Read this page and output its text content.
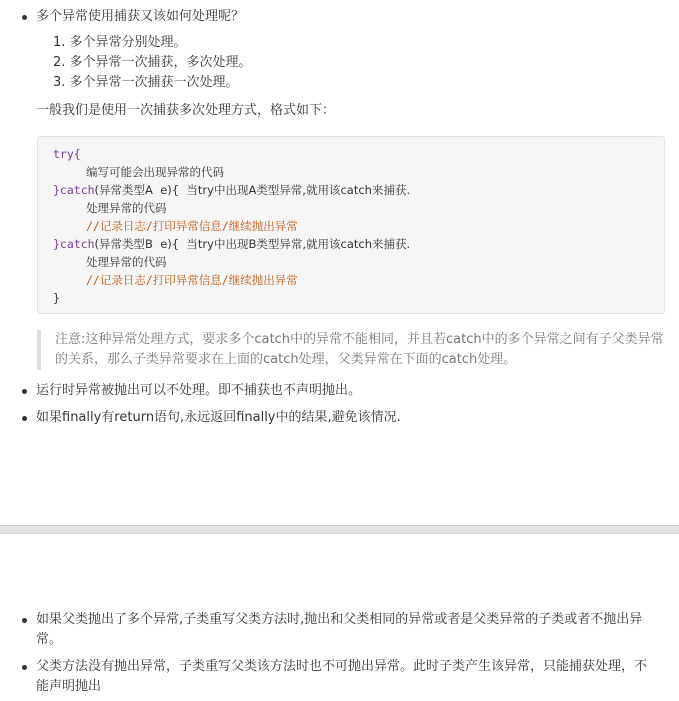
多个异常使用捕获又该如何处理呢？
1. 多个异常分别处理。
2. 多个异常一次捕获，多次处理。
3. 多个异常一次捕获一次处理。
一般我们是使用一次捕获多次处理方式，格式如下：
try{
编写可能会出现异常的代码
}catch(异常类型A  e){  当try中出现A类型异常,就用该catch来捕获.
处理异常的代码
//记录日志/打印异常信息/继续抛出异常
}catch(异常类型B  e){  当try中出现B类型异常,就用该catch来捕获.
处理异常的代码
//记录日志/打印异常信息/继续抛出异常
}
注意:这种异常处理方式，要求多个catch中的异常不能相同，并且若catch中的多个异常之间有子父类异常的关系，那么子类异常要求在上面的catch处理，父类异常在下面的catch处理。
运行时异常被抛出可以不处理。即不捕获也不声明抛出。
如果finally有return语句,永远返回finally中的结果,避免该情况.
如果父类抛出了多个异常,子类重写父类方法时,抛出和父类相同的异常或者是父类异常的子类或者不抛出异常。
父类方法没有抛出异常，子类重写父类该方法时也不可抛出异常。此时子类产生该异常，只能捕获处理，不能声明抛出
